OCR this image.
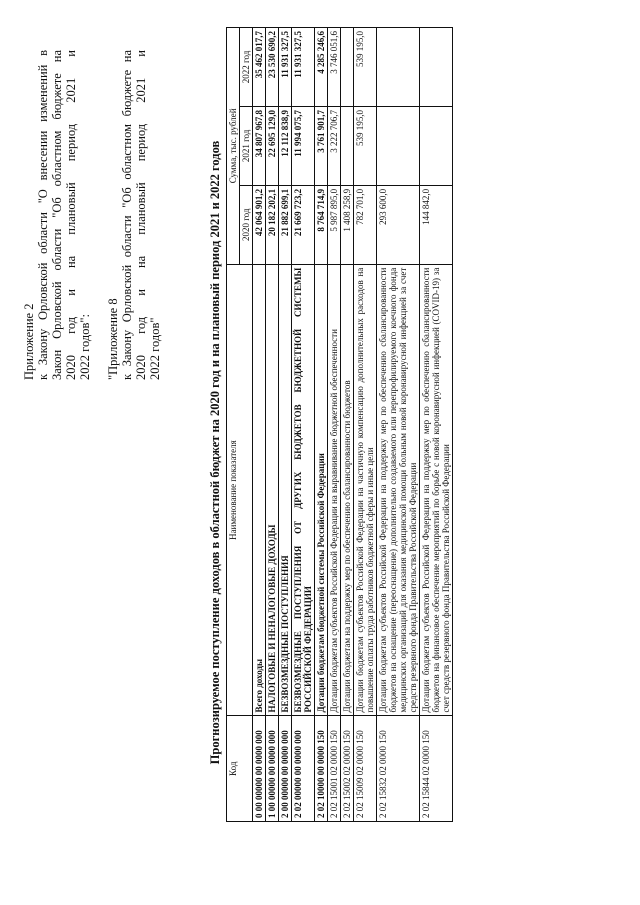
Приложение 2 к Закону Орловской области "О внесении изменений в Закон Орловской области "Об областном бюджете на 2020 год и на плановый период 2021 и 2022 годов": "Приложение 8 к Закону Орловской области "Об областном бюджете на 2020 год и на плановый период 2021 и 2022 годов"	Прогнозируемое поступление доходов в областной бюджет на 2020 год и на плановый период 2021 и 2022 годов
Код	Наименование показателя	Сумма, тыс. рублей		
		2020 год	2021 год	2022 год
0 00 00000 00 0000 000	Всего доходы	42 064 901,2	34 807 967,8	35 462 017,7
1 00 00000 00 0000 000	НАЛОГОВЫЕ И НЕНАЛОГОВЫЕ ДОХОДЫ	20 182 202,1	22 695 129,0	23 530 690,2
2 00 00000 00 0000 000	БЕЗВОЗМЕЗДНЫЕ ПОСТУПЛЕНИЯ	21 882 699,1	12 112 838,9	11 931 327,5
2 02 00000 00 0000 000	БЕЗВОЗМЕЗДНЫЕ ПОСТУПЛЕНИЯ ОТ ДРУГИХ БЮДЖЕТОВ БЮДЖЕТНОЙ СИСТЕМЫ РОССИЙСКОЙ ФЕДЕРАЦИИ	21 669 723,2	11 994 075,7	11 931 327,5
2 02 10000 00 0000 150	Дотации бюджетам бюджетной системы Российской Федерации	8 764 714,9	3 761 901,7	4 285 246,6
2 02 15001 02 0000 150	Дотации бюджетам субъектов Российской Федерации на выравнивание бюджетной обеспеченности	5 987 895,0	3 222 706,7	3 746 051,6
2 02 15002 02 0000 150	Дотации бюджетам на поддержку мер по обеспечению сбалансированности бюджетов	1 408 258,9		
2 02 15009 02 0000 150	Дотации бюджетам субъектов Российской Федерации на частичную компенсацию дополнительных расходов на повышение оплаты труда работников бюджетной сферы и иные цели	782 701,0	539 195,0	539 195,0
2 02 15832 02 0000 150	Дотации бюджетам субъектов Российской Федерации на поддержку мер по обеспечению сбалансированности бюджетов на оснащение (переоснащение) дополнительно создаваемого или перепрофилируемого коечного фонда медицинских организаций для оказания медицинской помощи больным новой коронавирусной инфекцией за счет средств резервного фонда Правительства Российской Федерации	293 600,0		
2 02 15844 02 0000 150	Дотации бюджетам субъектов Российской Федерации на поддержку мер по обеспечению сбалансированности бюджетов на финансовое обеспечение мероприятий по борьбе с новой коронавирусной инфекцией (COVID-19) за счет средств резервного фонда Правительства Российской Федерации	144 842,0		
